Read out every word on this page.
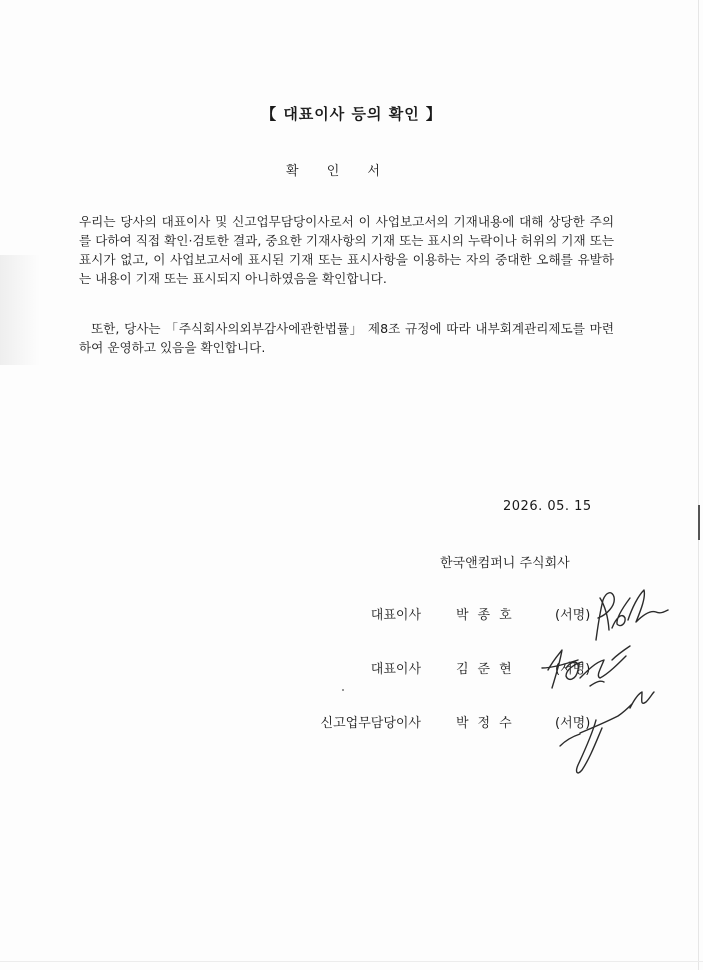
【 대표이사 등의 확인 】
확 인 서

우리는 당사의 대표이사 및 신고업무담당이사로서 이 사업보고서의 기재내용에 대해 상당한 주의를 다하여 직접 확인·검토한 결과, 중요한 기재사항의 기재 또는 표시의 누락이나 허위의 기재 또는 표시가 없고, 이 사업보고서에 표시된 기재 또는 표시사항을 이용하는 자의 중대한 오해를 유발하는 내용이 기재 또는 표시되지 아니하였음을 확인합니다.

또한, 당사는 「주식회사의외부감사에관한법률」 제8조 규정에 따라 내부회계관리제도를 마련하여 운영하고 있음을 확인합니다.

2026. 05. 15
한국앤컴퍼니 주식회사
대표이사	박종호	(서명)
대표이사	김준현	(서명)
신고업무담당이사	박정수	(서명)
